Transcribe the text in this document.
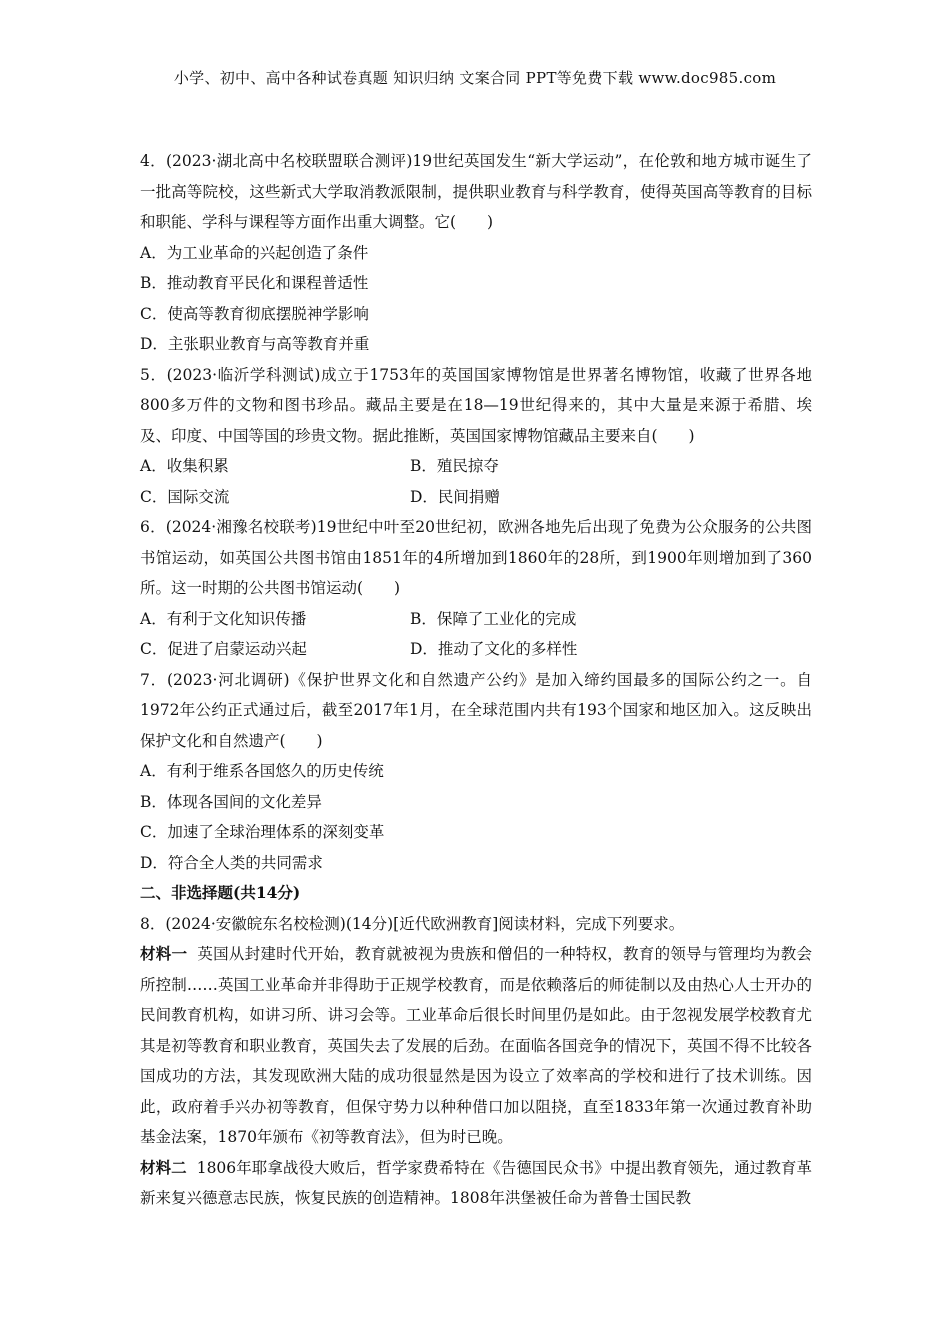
小学、初中、高中各种试卷真题 知识归纳 文案合同 PPT等免费下载 www.doc985.com

4．(2023·湖北高中名校联盟联合测评)19世纪英国发生“新大学运动”，在伦敦和地方城市诞生了一批高等院校，这些新式大学取消教派限制，提供职业教育与科学教育，使得英国高等教育的目标和职能、学科与课程等方面作出重大调整。它(　　)

A．为工业革命的兴起创造了条件

B．推动教育平民化和课程普适性

C．使高等教育彻底摆脱神学影响

D．主张职业教育与高等教育并重

5．(2023·临沂学科测试)成立于1753年的英国国家博物馆是世界著名博物馆，收藏了世界各地800多万件的文物和图书珍品。藏品主要是在18—19世纪得来的，其中大量是来源于希腊、埃及、印度、中国等国的珍贵文物。据此推断，英国国家博物馆藏品主要来自(　　)

A．收集积累	B．殖民掠夺

C．国际交流	D．民间捐赠

6．(2024·湘豫名校联考)19世纪中叶至20世纪初，欧洲各地先后出现了免费为公众服务的公共图书馆运动，如英国公共图书馆由1851年的4所增加到1860年的28所，到1900年则增加到了360所。这一时期的公共图书馆运动(　　)

A．有利于文化知识传播	B．保障了工业化的完成

C．促进了启蒙运动兴起	D．推动了文化的多样性

7．(2023·河北调研)《保护世界文化和自然遗产公约》是加入缔约国最多的国际公约之一。自1972年公约正式通过后，截至2017年1月，在全球范围内共有193个国家和地区加入。这反映出保护文化和自然遗产(　　)

A．有利于维系各国悠久的历史传统

B．体现各国间的文化差异

C．加速了全球治理体系的深刻变革

D．符合全人类的共同需求

二、非选择题(共14分)

8．(2024·安徽皖东名校检测)(14分)[近代欧洲教育]阅读材料，完成下列要求。

材料一 英国从封建时代开始，教育就被视为贵族和僧侣的一种特权，教育的领导与管理均为教会所控制……英国工业革命并非得助于正规学校教育，而是依赖落后的师徒制以及由热心人士开办的民间教育机构，如讲习所、讲习会等。工业革命后很长时间里仍是如此。由于忽视发展学校教育尤其是初等教育和职业教育，英国失去了发展的后劲。在面临各国竞争的情况下，英国不得不比较各国成功的方法，其发现欧洲大陆的成功很显然是因为设立了效率高的学校和进行了技术训练。因此，政府着手兴办初等教育，但保守势力以种种借口加以阻挠，直至1833年第一次通过教育补助基金法案，1870年颁布《初等教育法》，但为时已晚。

材料二 1806年耶拿战役大败后，哲学家费希特在《告德国民众书》中提出教育领先，通过教育革新来复兴德意志民族，恢复民族的创造精神。1808年洪堡被任命为普鲁士国民教
